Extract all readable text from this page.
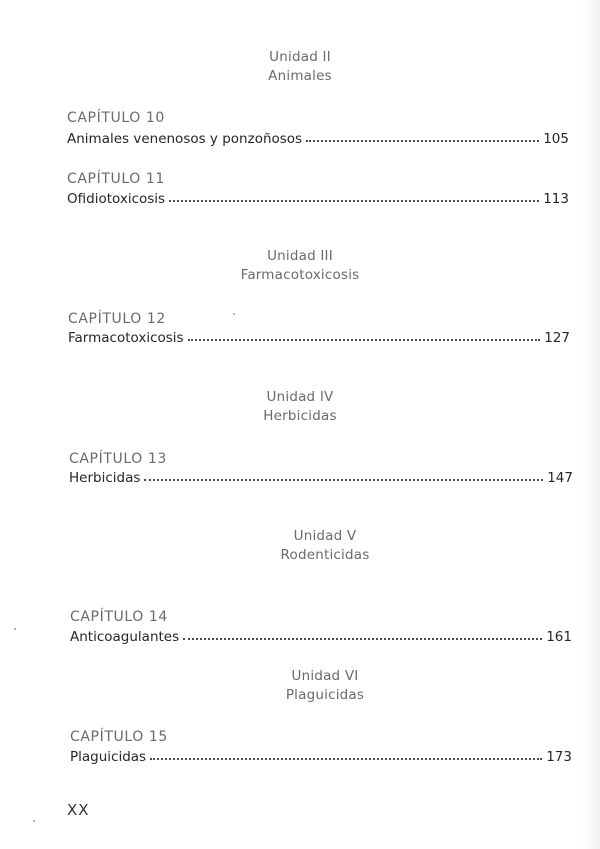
Unidad II
Animales
CAPÍTULO 10
Animales venenosos y ponzoñosos	105
CAPÍTULO 11
Ofidiotoxicosis	113
Unidad III
Farmacotoxicosis
CAPÍTULO 12
Farmacotoxicosis	127
Unidad IV
Herbicidas
CAPÍTULO 13
Herbicidas	147
Unidad V
Rodenticidas
CAPÍTULO 14
Anticoagulantes	161
Unidad VI
Plaguicidas
CAPÍTULO 15
Plaguicidas	173
XX
